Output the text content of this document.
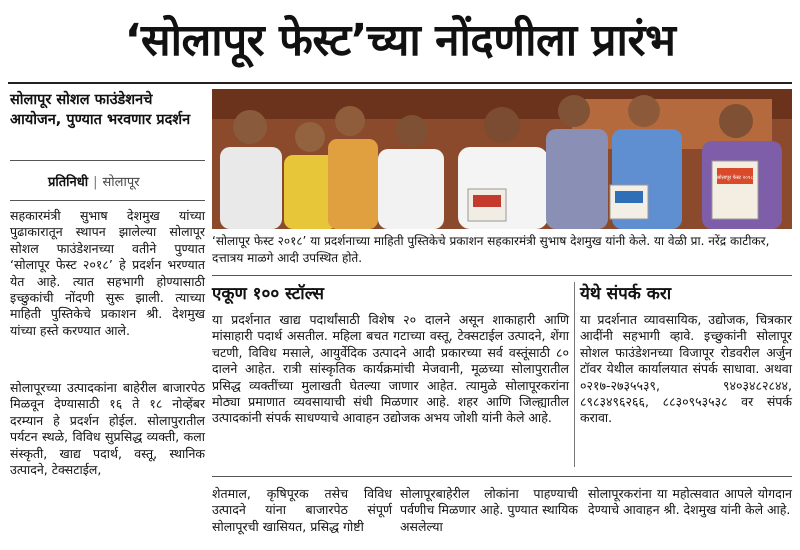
‘सोलापूर फेस्ट’च्या नोंदणीला प्रारंभ
सोलापूर सोशल फाउंडेशनचे आयोजन, पुण्यात भरवणार प्रदर्शन
प्रतिनिधी | सोलापूर
सहकारमंत्री सुभाष देशमुख यांच्या पुढाकारातून स्थापन झालेल्या सोलापूर सोशल फाउंडेशनच्या वतीने पुण्यात ‘सोलापूर फेस्ट २०१८’ हे प्रदर्शन भरण्यात येत आहे. त्यात सहभागी होण्यासाठी इच्छुकांची नोंदणी सुरू झाली. त्याच्या माहिती पुस्तिकेचे प्रकाशन श्री. देशमुख यांच्या हस्ते करण्यात आले.
सोलापूरच्या उत्पादकांना बाहेरील बाजारपेठ मिळवून देण्यासाठी १६ ते १८ नोव्हेंबर दरम्यान हे प्रदर्शन होईल. सोलापुरातील पर्यटन स्थळे, विविध सुप्रसिद्ध व्यक्ती, कला संस्कृती, खाद्य पदार्थ, वस्तू, स्थानिक उत्पादने, टेक्सटाईल,
सोलापूर फेस्ट २०१८
‘सोलापूर फेस्ट २०१८’ या प्रदर्शनाच्या माहिती पुस्तिकेचे प्रकाशन सहकारमंत्री सुभाष देशमुख यांनी केले. या वेळी प्रा. नरेंद्र काटीकर, दत्तात्रय माळगे आदी उपस्थित होते.
एकूण १०० स्टॉल्स	येथे संपर्क करा
या प्रदर्शनात खाद्य पदार्थांसाठी विशेष २० दालने असून शाकाहारी आणि मांसाहारी पदार्थ असतील. महिला बचत गटाच्या वस्तू, टेक्सटाईल उत्पादने, शेंगा चटणी, विविध मसाले, आयुर्वेदिक उत्पादने आदी प्रकारच्या सर्व वस्तूंसाठी ८० दालने आहेत. रात्री सांस्कृतिक कार्यक्रमांची मेजवानी, मूळच्या सोलापुरातील प्रसिद्ध व्यक्तींच्या मुलाखती घेतल्या जाणार आहेत. त्यामुळे सोलापूरकरांना मोठ्या प्रमाणात व्यवसायाची संधी मिळणार आहे. शहर आणि जिल्ह्यातील उत्पादकांनी संपर्क साधण्याचे आवाहन उद्योजक अभय जोशी यांनी केले आहे.
या प्रदर्शनात व्यावसायिक, उद्योजक, चित्रकार आदींनी सहभागी व्हावे. इच्छुकांनी सोलापूर सोशल फाउंडेशनच्या विजापूर रोडवरील अर्जुन टॉवर येथील कार्यालयात संपर्क साधावा. अथवा ०२१७-२७३५५३९, ९४०३४८२८४४, ८९८३४९६२६६, ८८३०९५३५३८ वर संपर्क करावा.
शेतमाल, कृषिपूरक तसेच विविध उत्पादने यांना बाजारपेठ संपूर्ण सोलापूरची खासियत, प्रसिद्ध गोष्टी
सोलापूरबाहेरील लोकांना पाहण्याची पर्वणीच मिळणार आहे. पुण्यात स्थायिक असलेल्या
सोलापूरकरांना या महोत्सवात आपले योगदान देण्याचे आवाहन श्री. देशमुख यांनी केले आहे.
